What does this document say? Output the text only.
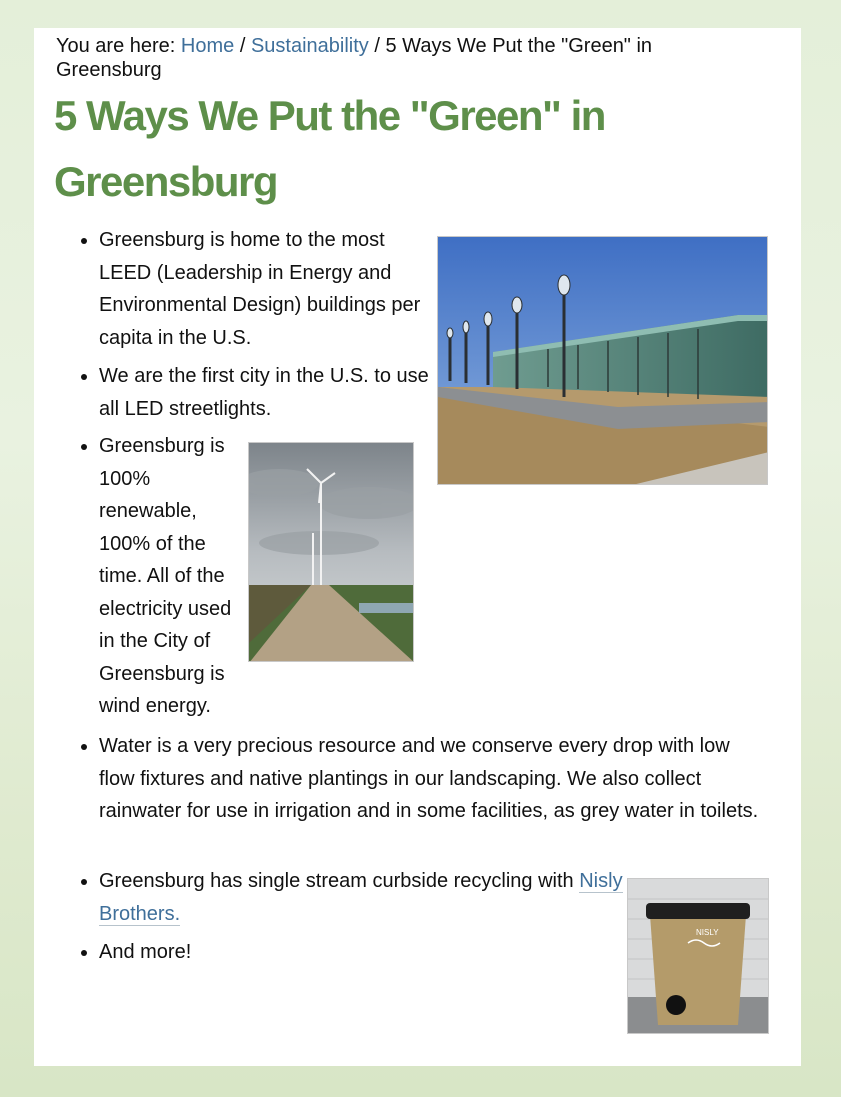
You are here: Home / Sustainability / 5 Ways We Put the "Green" in Greensburg
5 Ways We Put the "Green" in Greensburg
Greensburg is home to the most LEED (Leadership in Energy and Environmental Design) buildings per capita in the U.S.
We are the first city in the U.S. to use all LED streetlights.
Greensburg is 100% renewable, 100% of the time. All of the electricity used in the City of Greensburg is wind energy.
Water is a very precious resource and we conserve every drop with low flow fixtures and native plantings in our landscaping. We also collect rainwater for use in irrigation and in some facilities, as grey water in toilets.
Greensburg has single stream curbside recycling with Nisly Brothers.
And more!
NISLY
